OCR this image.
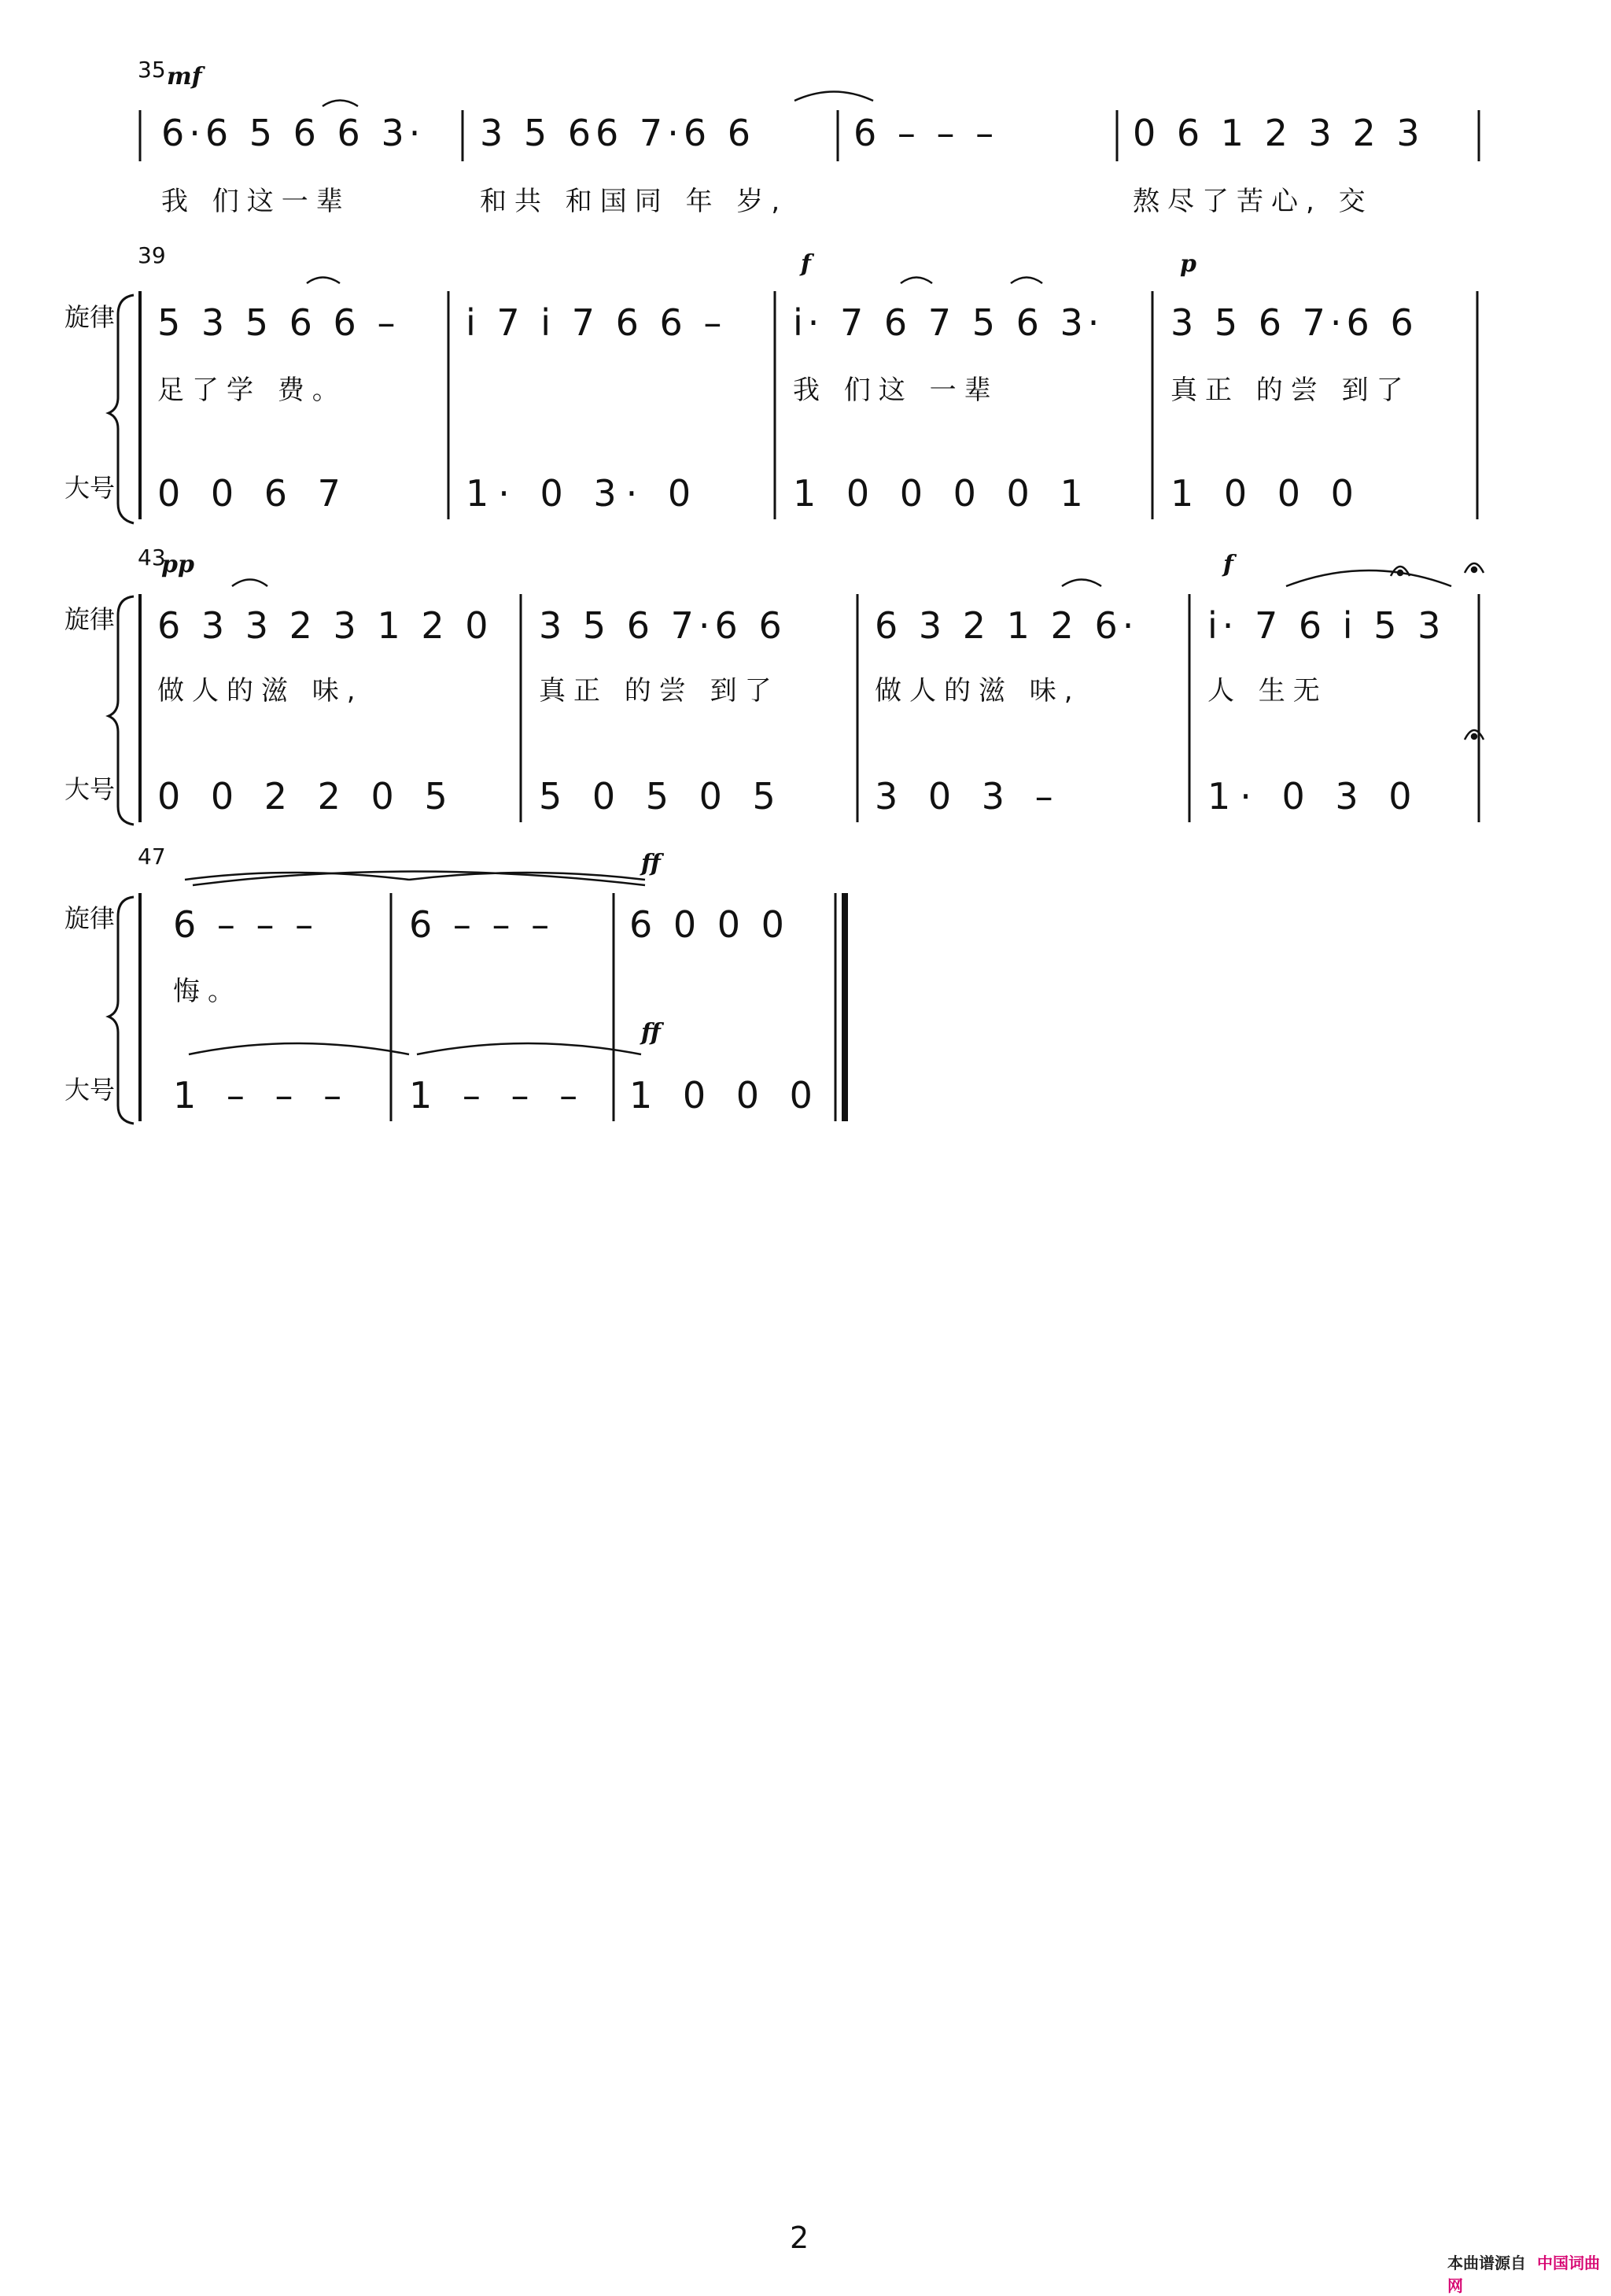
35 mf
39	f	p
旋律
大号
43
pp	f
旋律
大号
47	ff
ff
旋律
大号
2
本曲谱源自 中国词曲网
6·6 5 6 6 3·
我 们这一辈
3 5 66 7·6 6
和共 和国同 年 岁,
6 – – –	0 6 1 2 3 2 3
熬尽了苦心, 交
5 3 5 6 6 –
足了学 费。
0 0 6 7
i 7 i 7 6 6 –
1· 0 3· 0
i· 7 6 7 5 6 3·
我 们这 一辈
1 0 0 0 0 1
3 5 6 7·6 6
真正 的尝 到了
1 0 0 0
6 3 3 2 3 1 2 0
做人的滋 味,
0 0 2 2 0 5
3 5 6 7·6 6
真正 的尝 到了
5 0 5 0 5
6 3 2 1 2 6·
做人的滋 味,
3 0 3 –
i· 7 6 i 5 3
人 生无
1· 0 3 0
6 – – –
悔。
1 – – –
6 – – –
1 – – –
6 0 0 0
1 0 0 0
